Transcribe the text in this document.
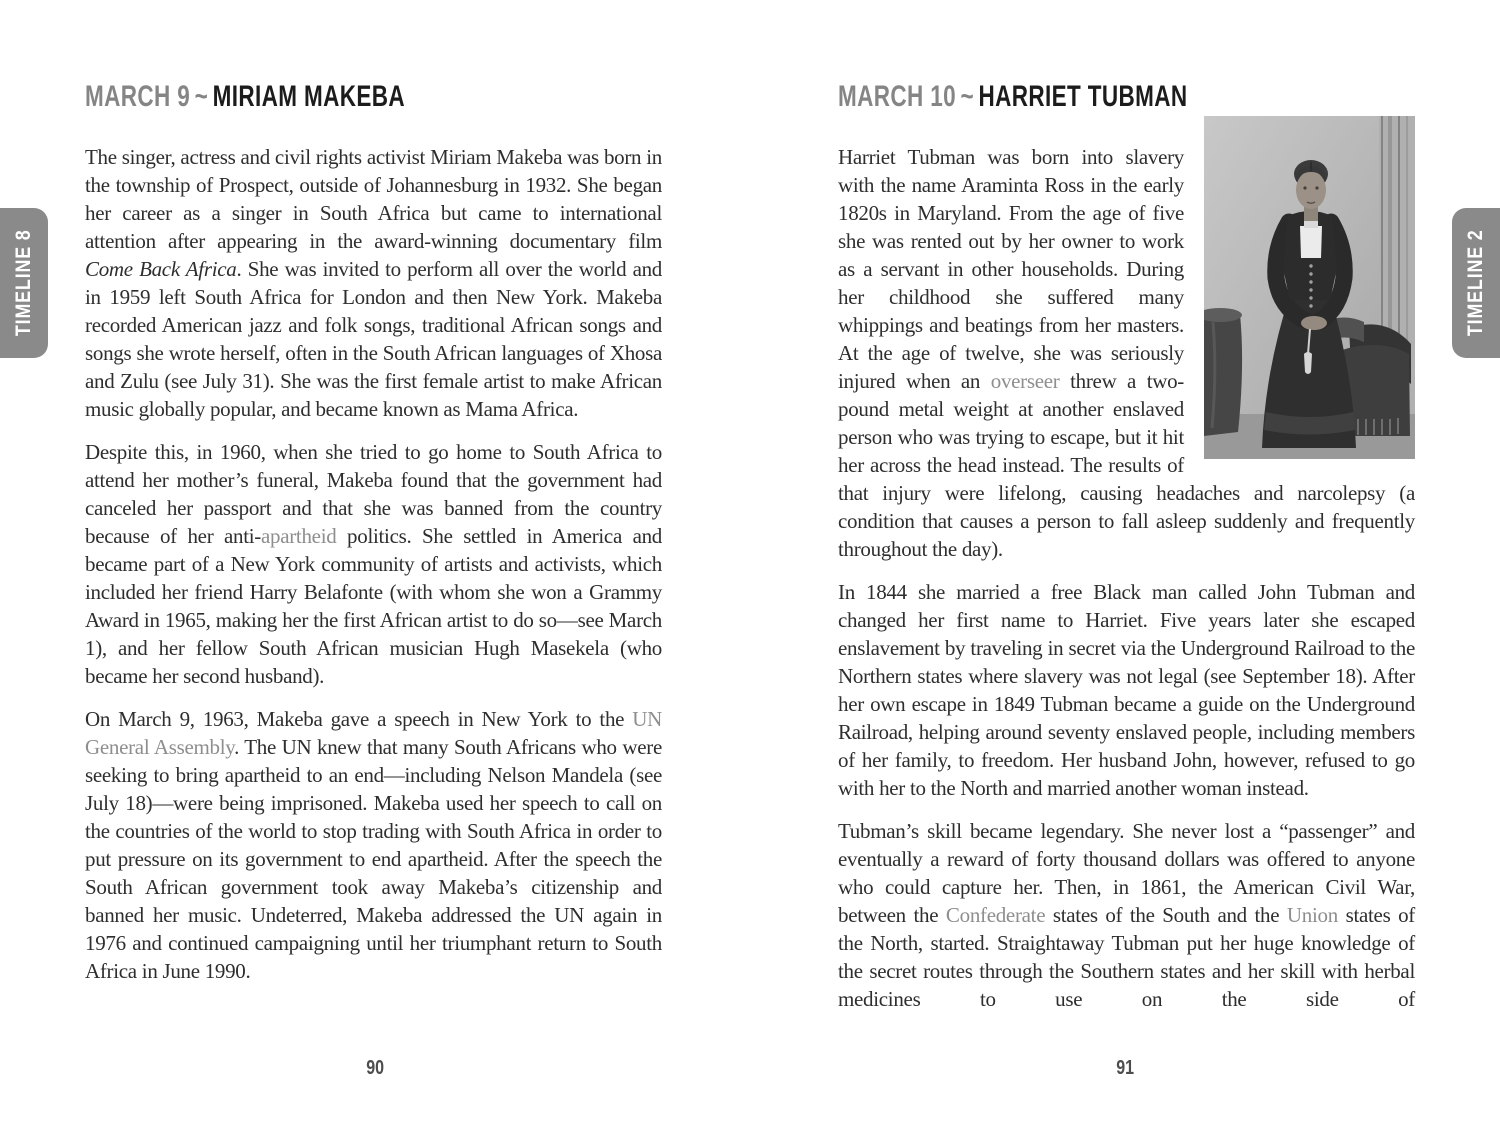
TIMELINE 8	TIMELINE 2
MARCH 9 ~ MIRIAM MAKEBA

The singer, actress and civil rights activist Miriam Makeba was born in the township of Prospect, outside of Johannesburg in 1932. She began her career as a singer in South Africa but came to international attention after appearing in the award-winning documentary film Come Back Africa. She was invited to perform all over the world and in 1959 left South Africa for London and then New York. Makeba recorded American jazz and folk songs, traditional African songs and songs she wrote herself, often in the South African languages of Xhosa and Zulu (see July 31). She was the first female artist to make African music globally popular, and became known as Mama Africa.

Despite this, in 1960, when she tried to go home to South Africa to attend her mother’s funeral, Makeba found that the government had canceled her passport and that she was banned from the country because of her anti-apartheid politics. She settled in America and became part of a New York community of artists and activists, which included her friend Harry Belafonte (with whom she won a Grammy Award in 1965, making her the first African artist to do so—see March 1), and her fellow South African musician Hugh Masekela (who became her second husband).

On March 9, 1963, Makeba gave a speech in New York to the UN General Assembly. The UN knew that many South Africans who were seeking to bring apartheid to an end—including Nelson Mandela (see July 18)—were being imprisoned. Makeba used her speech to call on the countries of the world to stop trading with South Africa in order to put pressure on its government to end apartheid. After the speech the South African government took away Makeba’s citizenship and banned her music. Undeterred, Makeba addressed the UN again in 1976 and continued campaigning until her triumphant return to South Africa in June 1990.

MARCH 10 ~ HARRIET TUBMAN

Harriet Tubman was born into slavery with the name Araminta Ross in the early 1820s in Maryland. From the age of five she was rented out by her owner to work as a servant in other households. During her childhood she suffered many whippings and beatings from her masters. At the age of twelve, she was seriously injured when an overseer threw a two-pound metal weight at another enslaved person who was trying to escape, but it hit her across the head instead. The results of that injury were lifelong, causing headaches and narcolepsy (a condition that causes a person to fall asleep suddenly and frequently throughout the day).

In 1844 she married a free Black man called John Tubman and changed her first name to Harriet. Five years later she escaped enslavement by traveling in secret via the Underground Railroad to the Northern states where slavery was not legal (see September 18). After her own escape in 1849 Tubman became a guide on the Underground Railroad, helping around seventy enslaved people, including members of her family, to freedom. Her husband John, however, refused to go with her to the North and married another woman instead.

Tubman’s skill became legendary. She never lost a “passenger” and eventually a reward of forty thousand dollars was offered to anyone who could capture her. Then, in 1861, the American Civil War, between the Confederate states of the South and the Union states of the North, started. Straightaway Tubman put her huge knowledge of the secret routes through the Southern states and her skill with herbal medicines to use on the side of

90	91
